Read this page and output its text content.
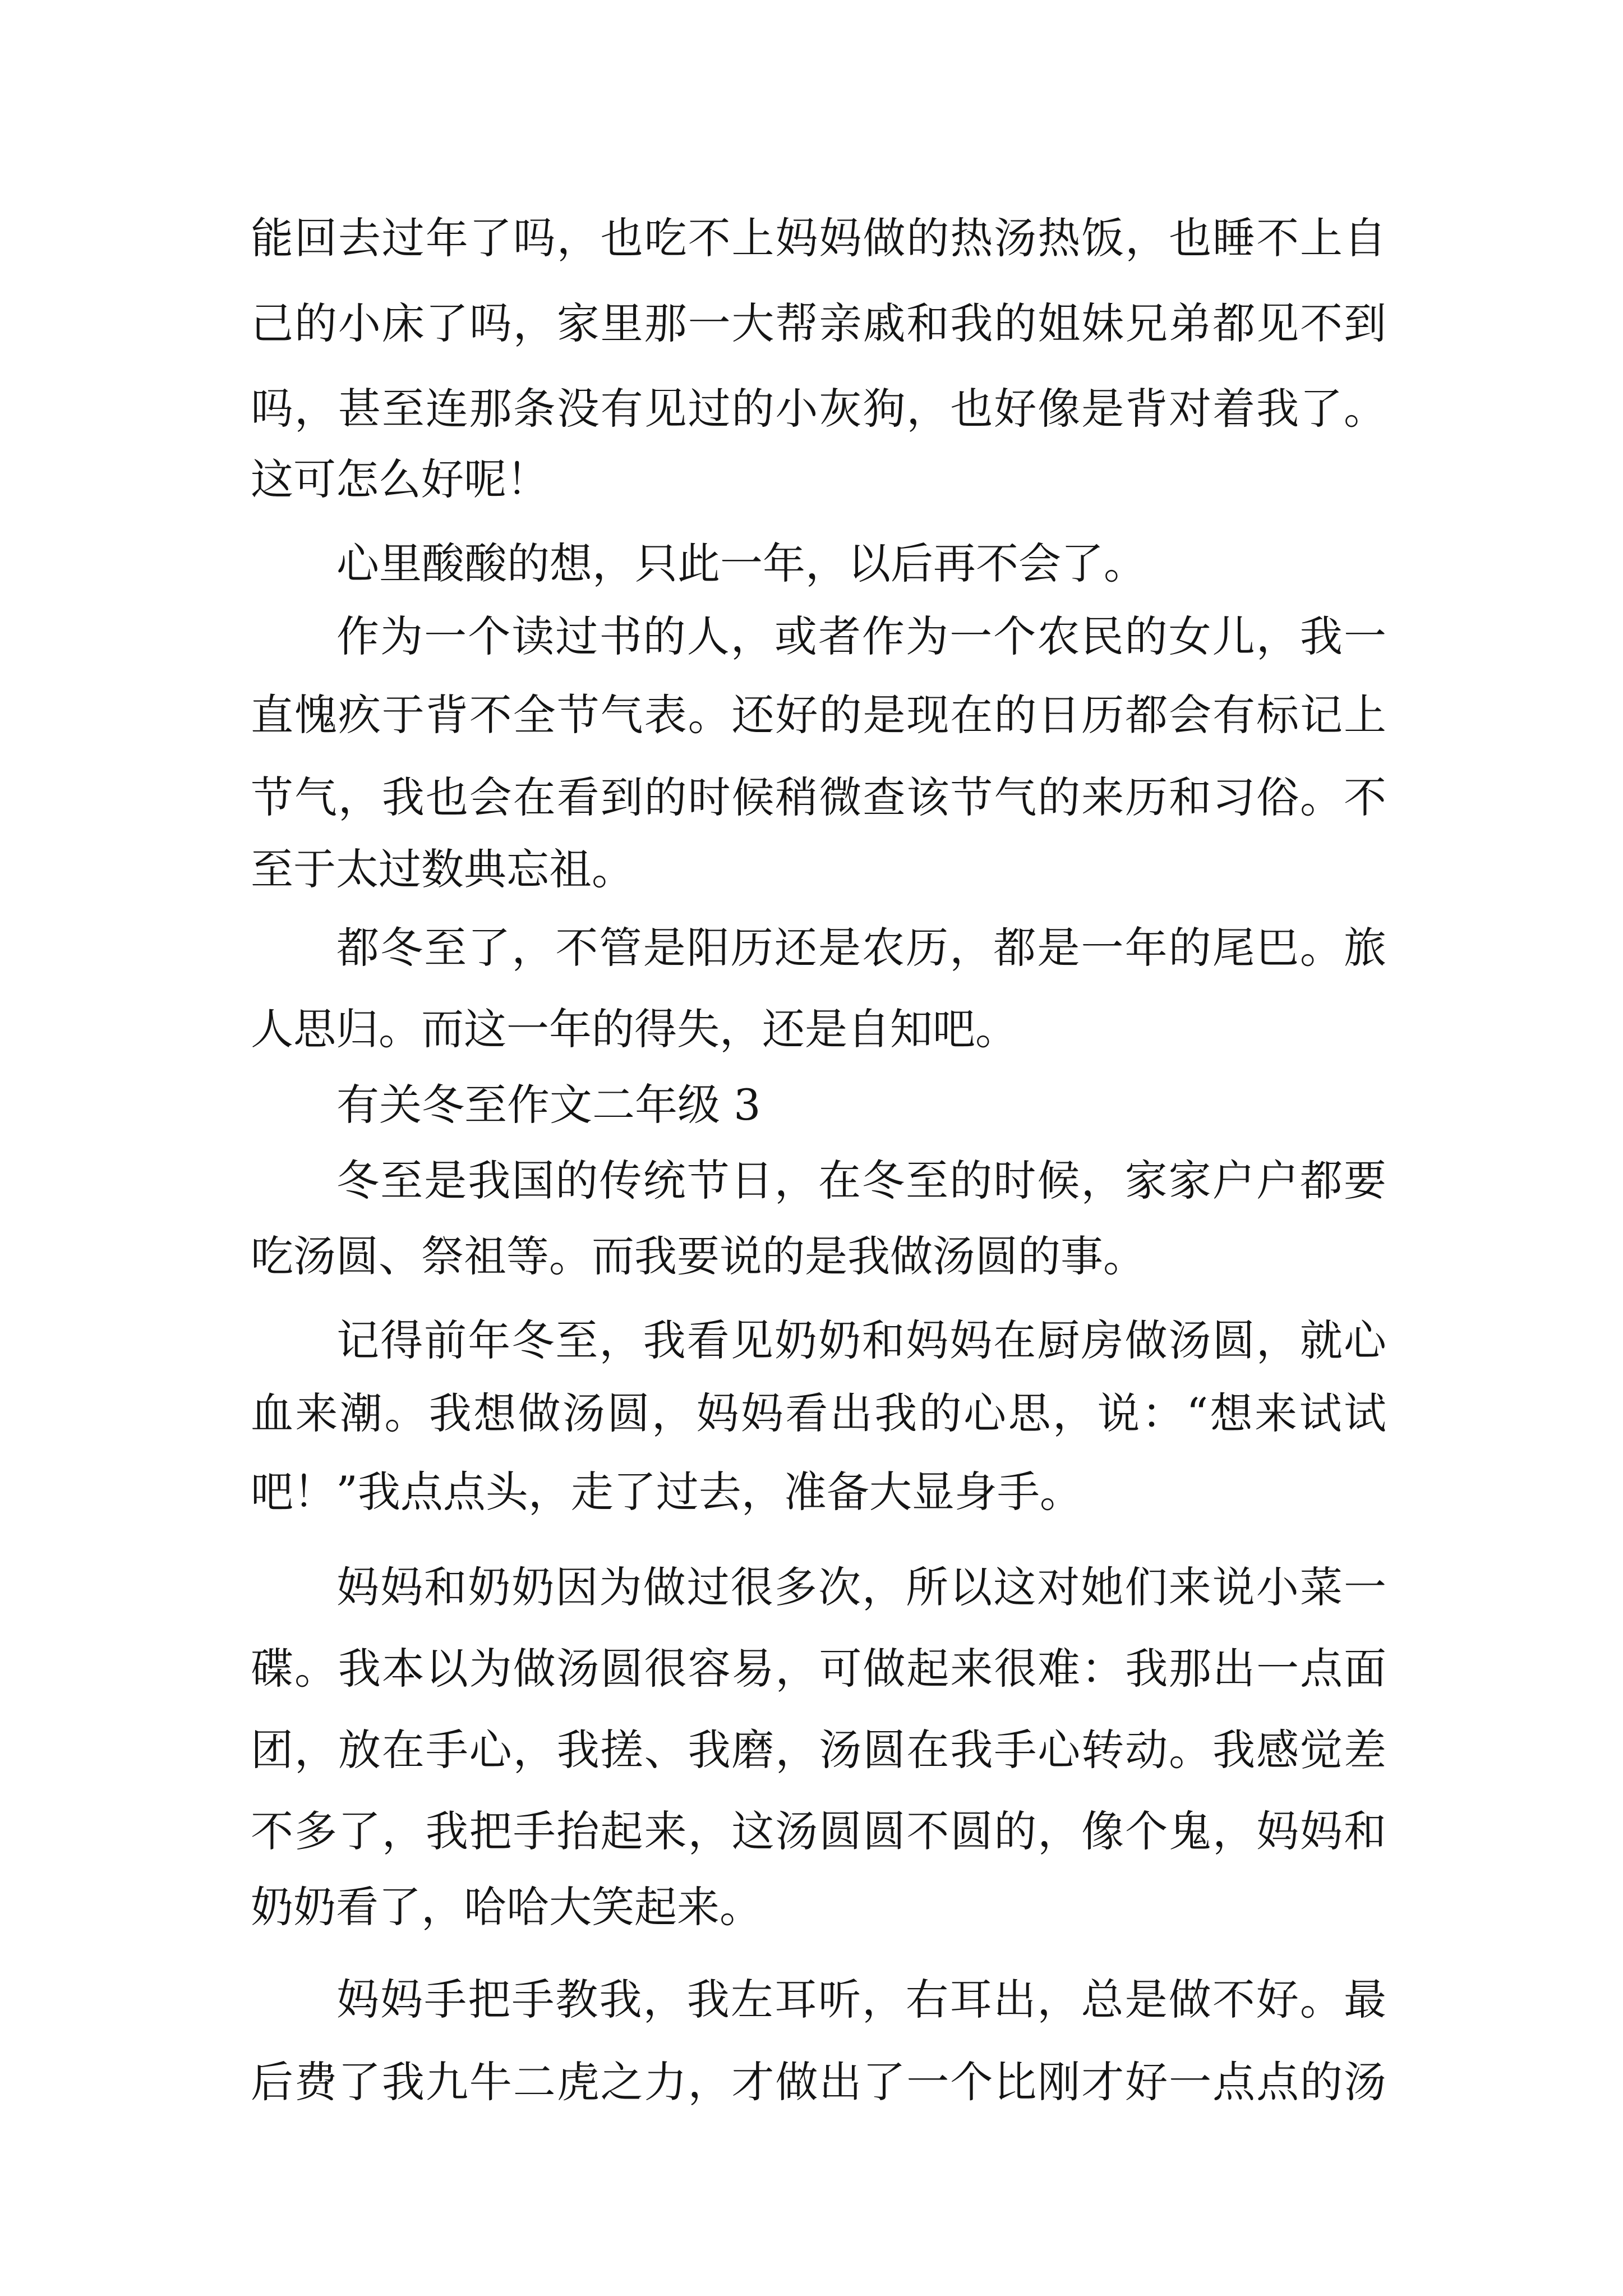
能回去过年了吗，也吃不上妈妈做的热汤热饭，也睡不上自
己的小床了吗，家里那一大帮亲戚和我的姐妹兄弟都见不到
吗，甚至连那条没有见过的小灰狗，也好像是背对着我了。
这可怎么好呢！
心里酸酸的想，只此一年，以后再不会了。
作为一个读过书的人，或者作为一个农民的女儿，我一
直愧疚于背不全节气表。还好的是现在的日历都会有标记上
节气，我也会在看到的时候稍微查该节气的来历和习俗。不
至于太过数典忘祖。
都冬至了，不管是阳历还是农历，都是一年的尾巴。旅
人思归。而这一年的得失，还是自知吧。
有关冬至作文二年级 3
冬至是我国的传统节日，在冬至的时候，家家户户都要
吃汤圆、祭祖等。而我要说的是我做汤圆的事。
记得前年冬至，我看见奶奶和妈妈在厨房做汤圆，就心
血来潮。我想做汤圆，妈妈看出我的心思，说：“想来试试
吧！”我点点头，走了过去，准备大显身手。
妈妈和奶奶因为做过很多次，所以这对她们来说小菜一
碟。我本以为做汤圆很容易，可做起来很难：我那出一点面
团，放在手心，我搓、我磨，汤圆在我手心转动。我感觉差
不多了，我把手抬起来，这汤圆圆不圆的，像个鬼，妈妈和
奶奶看了，哈哈大笑起来。
妈妈手把手教我，我左耳听，右耳出，总是做不好。最
后费了我九牛二虎之力，才做出了一个比刚才好一点点的汤
